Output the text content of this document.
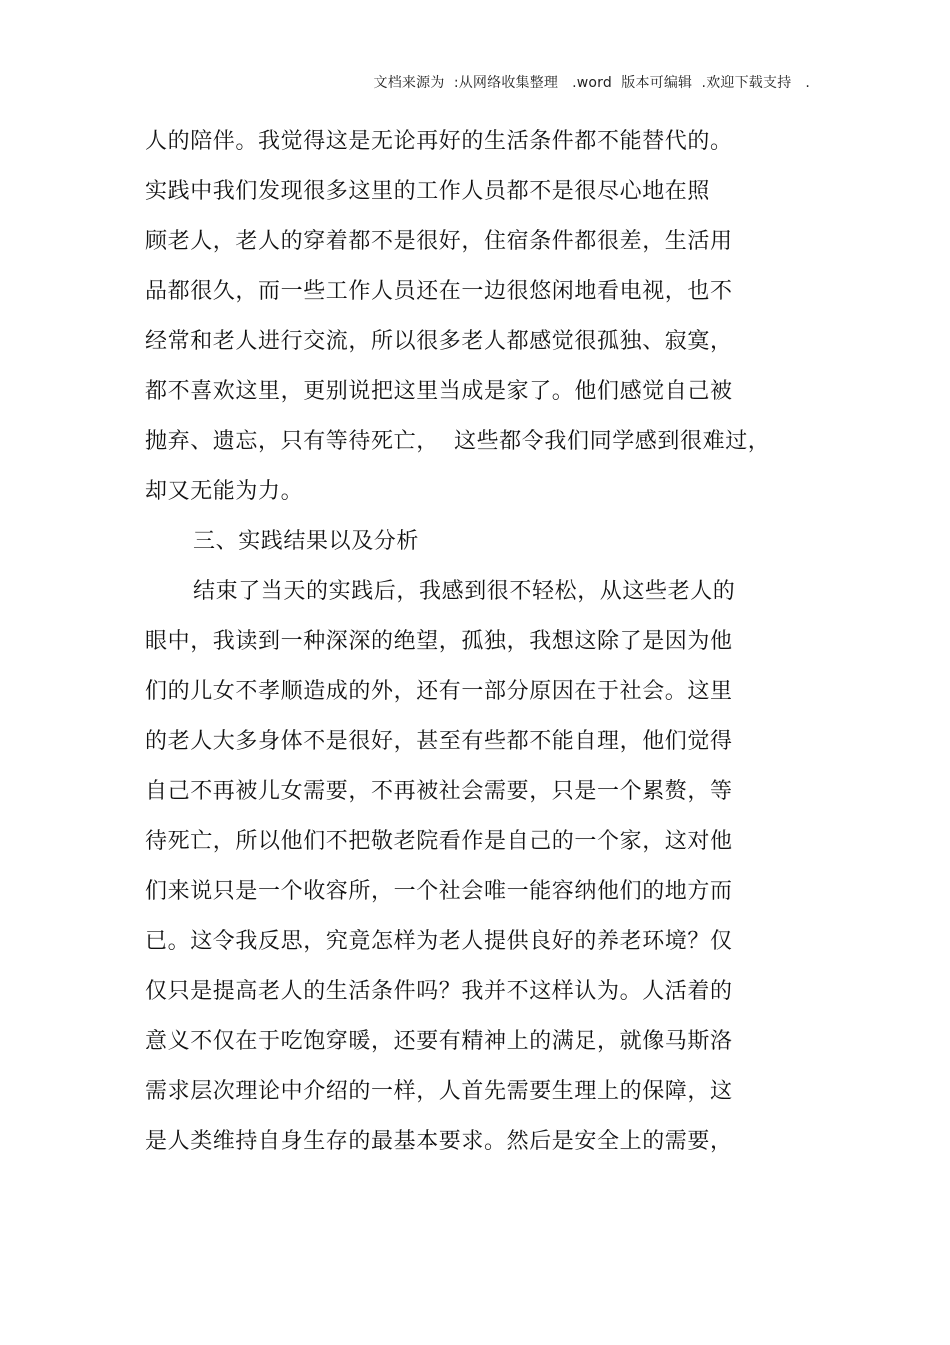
文档来源为  :从网络收集整理   .word  版本可编辑  .欢迎下载支持   .
人的陪伴。我觉得这是无论再好的生活条件都不能替代的。
实践中我们发现很多这里的工作人员都不是很尽心地在照
顾老人，老人的穿着都不是很好，住宿条件都很差，生活用
品都很久，而一些工作人员还在一边很悠闲地看电视，也不
经常和老人进行交流，所以很多老人都感觉很孤独、寂寞，
都不喜欢这里，更别说把这里当成是家了。他们感觉自己被
抛弃、遗忘，只有等待死亡，  这些都令我们同学感到很难过，
却又无能为力。
三、实践结果以及分析
结束了当天的实践后，我感到很不轻松，从这些老人的
眼中，我读到一种深深的绝望，孤独，我想这除了是因为他
们的儿女不孝顺造成的外，还有一部分原因在于社会。这里
的老人大多身体不是很好，甚至有些都不能自理，他们觉得
自己不再被儿女需要，不再被社会需要，只是一个累赘，等
待死亡，所以他们不把敬老院看作是自己的一个家，这对他
们来说只是一个收容所，一个社会唯一能容纳他们的地方而
已。这令我反思，究竟怎样为老人提供良好的养老环境？仅
仅只是提高老人的生活条件吗？我并不这样认为。人活着的
意义不仅在于吃饱穿暖，还要有精神上的满足，就像马斯洛
需求层次理论中介绍的一样，人首先需要生理上的保障，这
是人类维持自身生存的最基本要求。然后是安全上的需要，
